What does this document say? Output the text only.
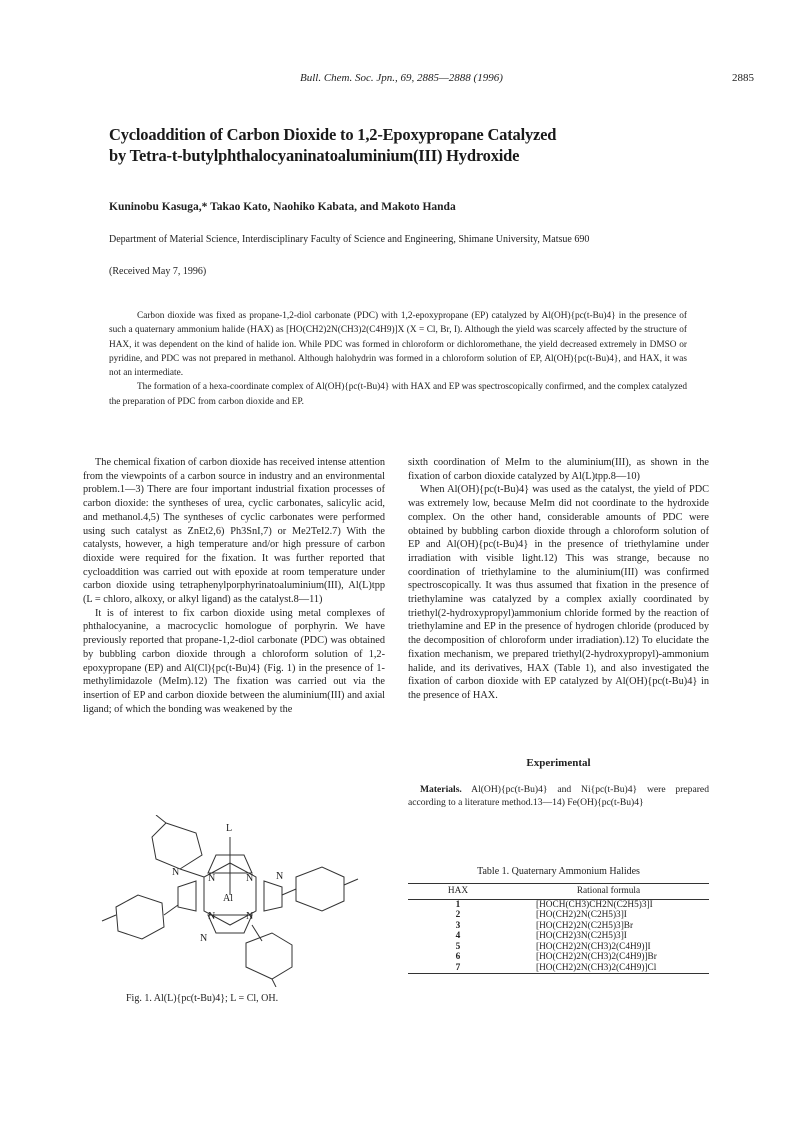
Bull. Chem. Soc. Jpn., 69, 2885—2888 (1996)	2885
Cycloaddition of Carbon Dioxide to 1,2-Epoxypropane Catalyzed
by Tetra-t-butylphthalocyaninatoaluminium(III) Hydroxide
Kuninobu Kasuga,* Takao Kato, Naohiko Kabata, and Makoto Handa
Department of Material Science, Interdisciplinary Faculty of Science and Engineering, Shimane University, Matsue 690
(Received May 7, 1996)

Carbon dioxide was fixed as propane-1,2-diol carbonate (PDC) with 1,2-epoxypropane (EP) catalyzed by Al(OH){pc(t-Bu)4} in the presence of such a quaternary ammonium halide (HAX) as [HO(CH2)2N(CH3)2(C4H9)]X (X = Cl, Br, I). Although the yield was scarcely affected by the structure of HAX, it was dependent on the kind of halide ion. While PDC was formed in chloroform or dichloromethane, the yield decreased extremely in DMSO or pyridine, and PDC was not prepared in methanol. Although halohydrin was formed in a chloroform solution of EP, Al(OH){pc(t-Bu)4}, and HAX, it was not an intermediate.

The formation of a hexa-coordinate complex of Al(OH){pc(t-Bu)4} with HAX and EP was spectroscopically confirmed, and the complex catalyzed the preparation of PDC from carbon dioxide and EP.

The chemical fixation of carbon dioxide has received intense attention from the viewpoints of a carbon source in industry and an environmental problem.1—3) There are four important industrial fixation processes of carbon dioxide: the syntheses of urea, cyclic carbonates, salicylic acid, and methanol.4,5) The syntheses of cyclic carbonates were performed using such catalyst as ZnEt2,6) Ph3SnI,7) or Me2TeI2.7) With the catalysts, however, a high temperature and/or high pressure of carbon dioxide were required for the fixation. It was further reported that cycloaddition was carried out with epoxide at room temperature under carbon dioxide using tetraphenylporphyrinatoaluminium(III), Al(L)tpp (L = chloro, alkoxy, or alkyl ligand) as the catalyst.8—11)

It is of interest to fix carbon dioxide using metal complexes of phthalocyanine, a macrocyclic homologue of porphyrin. We have previously reported that propane-1,2-diol carbonate (PDC) was obtained by bubbling carbon dioxide through a chloroform solution of 1,2-epoxypropane (EP) and Al(Cl){pc(t-Bu)4} (Fig. 1) in the presence of 1-methylimidazole (MeIm).12) The fixation was carried out via the insertion of EP and carbon dioxide between the aluminium(III) and axial ligand; of which the bonding was weakened by the

sixth coordination of MeIm to the aluminium(III), as shown in the fixation of carbon dioxide catalyzed by Al(L)tpp.8—10)

When Al(OH){pc(t-Bu)4} was used as the catalyst, the yield of PDC was extremely low, because MeIm did not coordinate to the hydroxide complex. On the other hand, considerable amounts of PDC were obtained by bubbling carbon dioxide through a chloroform solution of EP and Al(OH){pc(t-Bu)4} in the presence of triethylamine under irradiation with visible light.12) This was strange, because no coordination of triethylamine to the aluminium(III) was confirmed spectroscopically. It was thus assumed that fixation in the presence of triethylamine was catalyzed by a complex axially coordinated by triethyl(2-hydroxypropyl)ammonium chloride formed by the reaction of triethylamine and EP in the presence of hydrogen chloride (produced by the decomposition of chloroform under irradiation).12) To elucidate the fixation mechanism, we prepared triethyl(2-hydroxypropyl)-ammonium halide, and its derivatives, HAX (Table 1), and also investigated the fixation of carbon dioxide with EP catalyzed by Al(OH){pc(t-Bu)4} in the presence of HAX.

Experimental
Materials. Al(OH){pc(t-Bu)4} and Ni{pc(t-Bu)4} were prepared according to a literature method.13—14) Fe(OH){pc(t-Bu)4}
L
Al
N	N
N	N
N	N
N
Fig. 1. Al(L){pc(t-Bu)4}; L = Cl, OH.
Table 1. Quaternary Ammonium Halides
HAX	Rational formula
1	[HOCH(CH3)CH2N(C2H5)3]I
2	[HO(CH2)2N(C2H5)3]I
3	[HO(CH2)2N(C2H5)3]Br
4	[HO(CH2)3N(C2H5)3]I
5	[HO(CH2)2N(CH3)2(C4H9)]I
6	[HO(CH2)2N(CH3)2(C4H9)]Br
7	[HO(CH2)2N(CH3)2(C4H9)]Cl
